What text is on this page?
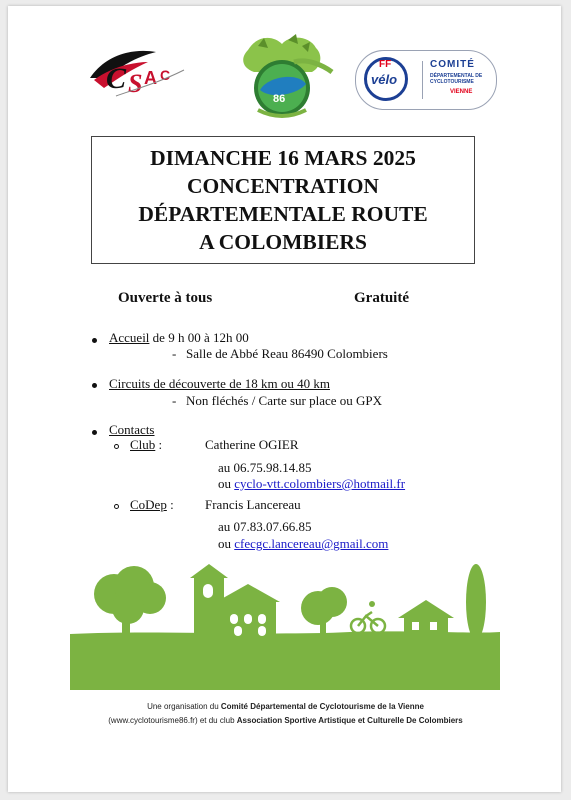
C S A C
86
FF
vélo
COMITÉ
DÉPARTEMENTAL DE CYCLOTOURISME
VIENNE
DIMANCHE 16 MARS 2025
CONCENTRATION
DÉPARTEMENTALE ROUTE
A COLOMBIERS
Ouverte à tous	Gratuité
Accueil de 9 h 00 à 12h 00
- Salle de Abbé Reau 86490 Colombiers
Circuits de découverte de 18 km ou 40 km
- Non fléchés / Carte sur place ou GPX
Contacts
Club :	Catherine OGIER
au 06.75.98.14.85
ou cyclo-vtt.colombiers@hotmail.fr
CoDep : Francis Lancereau
au 07.83.07.66.85
ou cfecgc.lancereau@gmail.com
Une organisation du Comité Départemental de Cyclotourisme de la Vienne
(www.cyclotourisme86.fr) et du club Association Sportive Artistique et Culturelle De Colombiers
